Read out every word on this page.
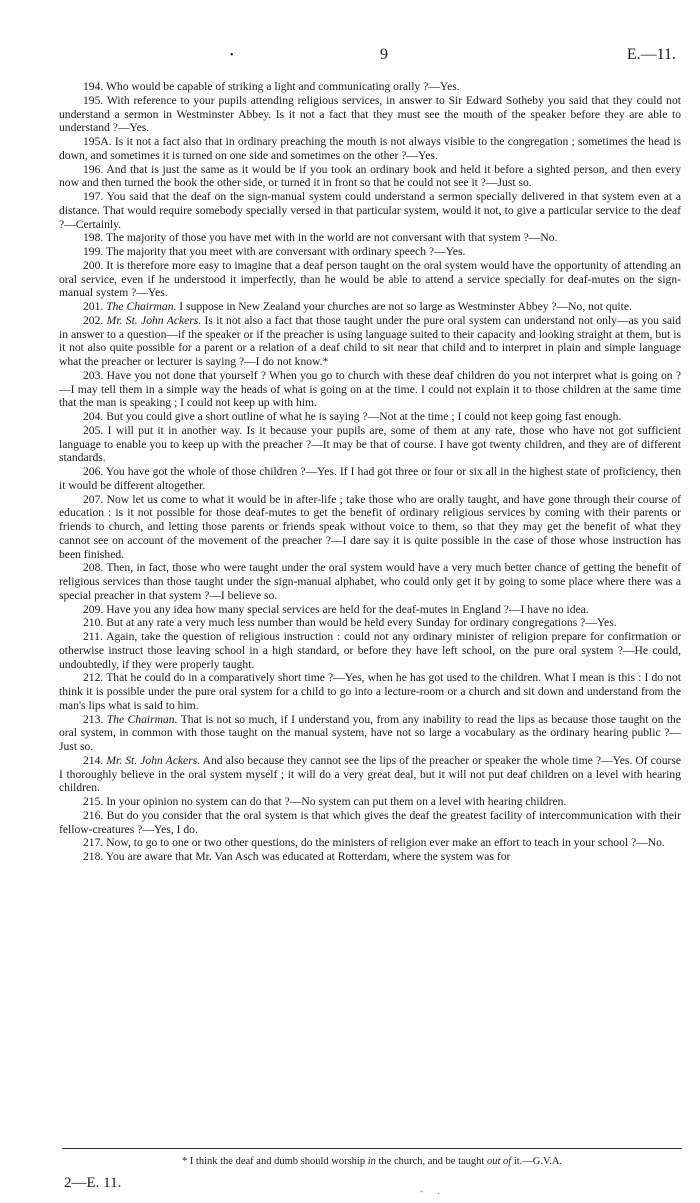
•	9	E.—11.

194. Who would be capable of striking a light and communicating orally ?—Yes.

195. With reference to your pupils attending religious services, in answer to Sir Edward Sotheby you said that they could not understand a sermon in Westminster Abbey. Is it not a fact that they must see the mouth of the speaker before they are able to understand ?—Yes.

195A. Is it not a fact also that in ordinary preaching the mouth is not always visible to the congregation ; sometimes the head is down, and sometimes it is turned on one side and sometimes on the other ?—Yes.

196. And that is just the same as it would be if you took an ordinary book and held it before a sighted person, and then every now and then turned the book the other side, or turned it in front so that he could not see it ?—Just so.

197. You said that the deaf on the sign-manual system could understand a sermon specially delivered in that system even at a distance. That would require somebody specially versed in that particular system, would it not, to give a particular service to the deaf ?—Certainly.

198. The majority of those you have met with in the world are not conversant with that system ?—No.

199. The majority that you meet with are conversant with ordinary speech ?—Yes.

200. It is therefore more easy to imagine that a deaf person taught on the oral system would have the opportunity of attending an oral service, even if he understood it imperfectly, than he would be able to attend a service specially for deaf-mutes on the sign-manual system ?—Yes.

201. The Chairman. I suppose in New Zealand your churches are not so large as Westminster Abbey ?—No, not quite.

202. Mr. St. John Ackers. Is it not also a fact that those taught under the pure oral system can understand not only—as you said in answer to a question—if the speaker or if the preacher is using language suited to their capacity and looking straight at them, but is it not also quite possible for a parent or a relation of a deaf child to sit near that child and to interpret in plain and simple language what the preacher or lecturer is saying ?—I do not know.*

203. Have you not done that yourself ? When you go to church with these deaf children do you not interpret what is going on ?—I may tell them in a simple way the heads of what is going on at the time. I could not explain it to those children at the same time that the man is speaking ; I could not keep up with him.

204. But you could give a short outline of what he is saying ?—Not at the time ; I could not keep going fast enough.

205. I will put it in another way. Is it because your pupils are, some of them at any rate, those who have not got sufficient language to enable you to keep up with the preacher ?—It may be that of course. I have got twenty children, and they are of different standards.

206. You have got the whole of those children ?—Yes. If I had got three or four or six all in the highest state of proficiency, then it would be different altogether.

207. Now let us come to what it would be in after-life ; take those who are orally taught, and have gone through their course of education : is it not possible for those deaf-mutes to get the benefit of ordinary religious services by coming with their parents or friends to church, and letting those parents or friends speak without voice to them, so that they may get the benefit of what they cannot see on account of the movement of the preacher ?—I dare say it is quite possible in the case of those whose instruction has been finished.

208. Then, in fact, those who were taught under the oral system would have a very much better chance of getting the benefit of religious services than those taught under the sign-manual alphabet, who could only get it by going to some place where there was a special preacher in that system ?—I believe so.

209. Have you any idea how many special services are held for the deaf-mutes in England ?—I have no idea.

210. But at any rate a very much less number than would be held every Sunday for ordinary congregations ?—Yes.

211. Again, take the question of religious instruction : could not any ordinary minister of religion prepare for confirmation or otherwise instruct those leaving school in a high standard, or before they have left school, on the pure oral system ?—He could, undoubtedly, if they were properly taught.

212. That he could do in a comparatively short time ?—Yes, when he has got used to the children. What I mean is this : I do not think it is possible under the pure oral system for a child to go into a lecture-room or a church and sit down and understand from the man's lips what is said to him.

213. The Chairman. That is not so much, if I understand you, from any inability to read the lips as because those taught on the oral system, in common with those taught on the manual system, have not so large a vocabulary as the ordinary hearing public ?—Just so.

214. Mr. St. John Ackers. And also because they cannot see the lips of the preacher or speaker the whole time ?—Yes. Of course I thoroughly believe in the oral system myself ; it will do a very great deal, but it will not put deaf children on a level with hearing children.

215. In your opinion no system can do that ?—No system can put them on a level with hearing children.

216. But do you consider that the oral system is that which gives the deaf the greatest facility of intercommunication with their fellow-creatures ?—Yes, I do.

217. Now, to go to one or two other questions, do the ministers of religion ever make an effort to teach in your school ?—No.

218. You are aware that Mr. Van Asch was educated at Rotterdam, where the system was for

* I think the deaf and dumb should worship in the church, and be taught out of it.—G.V.A.
2—E. 11.	- .
